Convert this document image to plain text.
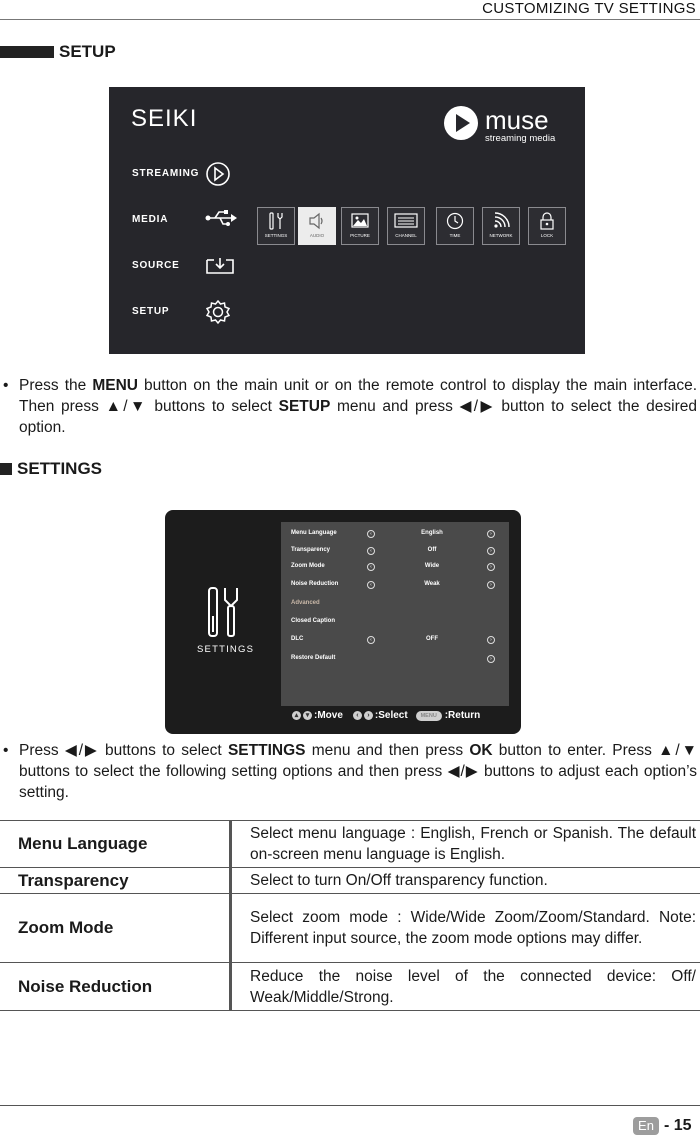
CUSTOMIZING TV SETTINGS
SETUP
SEIKI	muse
streaming media
STREAMING
MEDIA
SOURCE
SETUP
SETTINGS	AUDIO	PICTURE	CHANNEL	TIME	NETWORK	LOCK
• Press the MENU button on the main unit or on the remote control to display the main interface. Then press ▲/▼ buttons to select SETUP menu and press ◀/▶ button to select the desired option.
SETTINGS
SETTINGS
Menu Language	‹	English	›
Transparency	‹	Off	›
Zoom Mode	‹	Wide	›
Noise Reduction	‹	Weak	›
Advanced
Closed Caption
DLC	‹	OFF	›
Restore Default	›
▴	▾ :Move	‹	› :Select	MENU :Return
• Press ◀/▶ buttons to select SETTINGS menu and then press OK button to enter. Press ▲/▼ buttons to select the following setting options and then press ◀/▶ buttons to adjust each option’s setting.
Menu Language	Select menu language : English, French or Spanish. The default on-screen menu language is English.
Transparency	Select to turn On/Off transparency function.
Zoom Mode	Select zoom mode : Wide/Wide Zoom/Zoom/Standard. Note: Different input source, the zoom mode options may differ.
Noise Reduction	Reduce the noise level of the connected device: Off/ Weak/Middle/Strong.
En - 15
